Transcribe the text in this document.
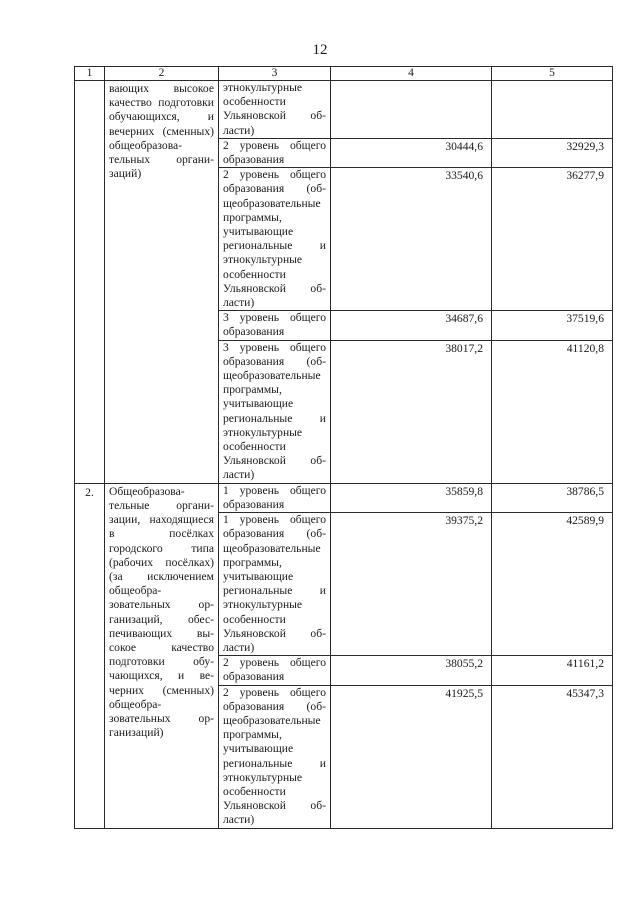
12
1	2	3	4	5
	вающих высокое качество подготовки обучающихся, и вечерних (сменных) общеобразовательных организаций)	этнокультурные особенности Ульяновской области)		
		2 уровень общего образования	30444,6	32929,3
		2 уровень общего образования (общеобразовательные программы, учитывающие региональные и этнокультурные особенности Ульяновской области)	33540,6	36277,9
		3 уровень общего образования	34687,6	37519,6
		3 уровень общего образования (общеобразовательные программы, учитывающие региональные и этнокультурные особенности Ульяновской области)	38017,2	41120,8
2.	Общеобразовательные организации, находящиеся в посёлках городского типа (рабочих посёлках) (за исключением общеобразовательных организаций, обеспечивающих высокое качество подготовки обучающихся, и вечерних (сменных) общеобразовательных организаций)	1 уровень общего образования	35859,8	38786,5
		1 уровень общего образования (общеобразовательные программы, учитывающие региональные и этнокультурные особенности Ульяновской области)	39375,2	42589,9
		2 уровень общего образования	38055,2	41161,2
		2 уровень общего образования (общеобразовательные программы, учитывающие региональные и этнокультурные особенности Ульяновской области)	41925,5	45347,3
